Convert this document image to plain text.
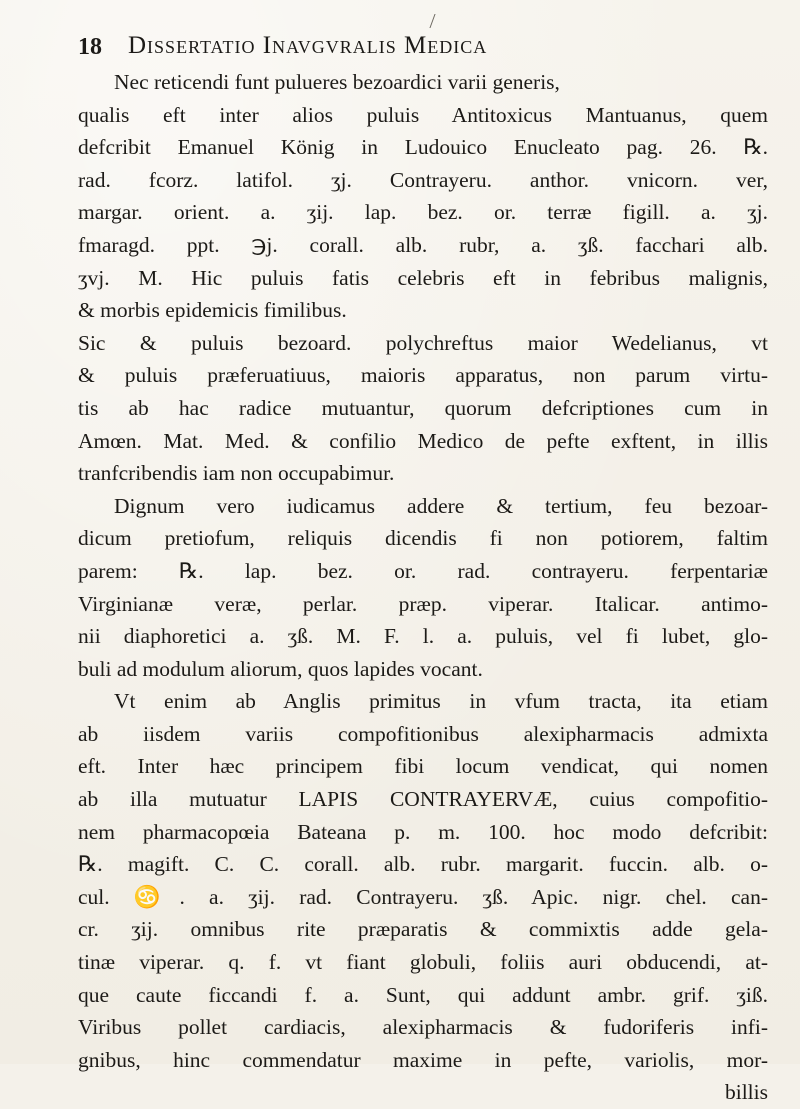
18 Dissertatio Inavgvralis Medica
Nec reticendi funt pulueres bezoardici varii generis,
qualis eft inter alios puluis Antitoxicus Mantuanus, quem
defcribit Emanuel König in Ludouico Enucleato pag. 26. ℞.
rad. fcorz. latifol. ʒj. Contrayeru. anthor. vnicorn. ver,
margar. orient. a. ʒij. lap. bez. or. terræ figill. a. ʒj.
fmaragd. ppt. ℈j. corall. alb. rubr, a. ʒß. facchari alb.
ʒvj. M. Hic puluis fatis celebris eft in febribus malignis,
& morbis epidemicis fimilibus.
Sic & puluis bezoard. polychreftus maior Wedelianus, vt
& puluis præferuatiuus, maioris apparatus, non parum virtu-
tis ab hac radice mutuantur, quorum defcriptiones cum in
Amœn. Mat. Med. & confilio Medico de pefte exftent, in illis
tranfcribendis iam non occupabimur.
Dignum vero iudicamus addere & tertium, feu bezoar-
dicum pretiofum, reliquis dicendis fi non potiorem, faltim
parem: ℞. lap. bez. or. rad. contrayeru. ferpentariæ
Virginianæ veræ, perlar. præp. viperar. Italicar. antimo-
nii diaphoretici a. ʒß. M. F. l. a. puluis, vel fi lubet, glo-
buli ad modulum aliorum, quos lapides vocant.
Vt enim ab Anglis primitus in vfum tracta, ita etiam
ab iisdem variis compofitionibus alexipharmacis admixta
eft. Inter hæc principem fibi locum vendicat, qui nomen
ab illa mutuatur LAPIS CONTRAYERVÆ, cuius compofitio-
nem pharmacopœia Bateana p. m. 100. hoc modo defcribit:
℞. magift. C. C. corall. alb. rubr. margarit. fuccin. alb. o-
cul. ♋. a. ʒij. rad. Contrayeru. ʒß. Apic. nigr. chel. can-
cr. ʒij. omnibus rite præparatis & commixtis adde gela-
tinæ viperar. q. f. vt fiant globuli, foliis auri obducendi, at-
que caute ficcandi f. a. Sunt, qui addunt ambr. grif. ʒiß.
Viribus pollet cardiacis, alexipharmacis & fudoriferis infi-
gnibus, hinc commendatur maxime in pefte, variolis, mor-
billis
